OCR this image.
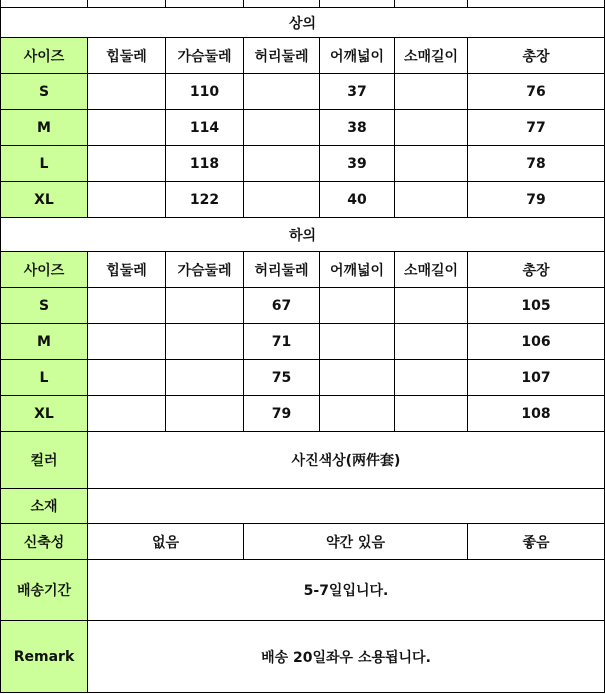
상의						
사이즈	힙둘레	가슴둘레	허리둘레	어깨넓이	소매길이	총장
S		110		37		76
M		114		38		77
L		118		39		78
XL		122		40		79
하의						
사이즈	힙둘레	가슴둘레	허리둘레	어깨넓이	소매길이	총장
S			67			105
M			71			106
L			75			107
XL			79			108
컬러	사진색상(两件套)					
소재						
신축성	없음		약간 있음			좋음
배송기간	5-7일입니다.					
Remark	배송 20일좌우 소용됩니다.					
